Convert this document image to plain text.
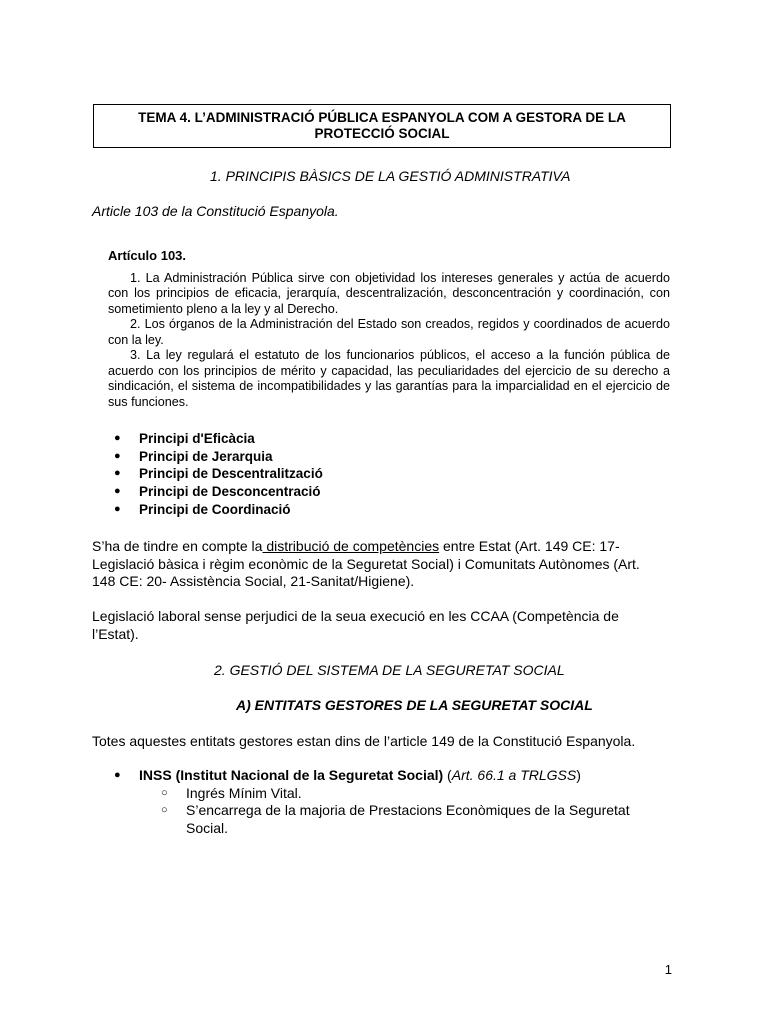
TEMA 4. L’ADMINISTRACIÓ PÚBLICA ESPANYOLA COM A GESTORA DE LA
PROTECCIÓ SOCIAL
1. PRINCIPIS BÀSICS DE LA GESTIÓ ADMINISTRATIVA
Article 103 de la Constitució Espanyola.
Artículo 103.

1. La Administración Pública sirve con objetividad los intereses generales y actúa de acuerdo con los principios de eficacia, jerarquía, descentralización, desconcentración y coordinación, con sometimiento pleno a la ley y al Derecho.

2. Los órganos de la Administración del Estado son creados, regidos y coordinados de acuerdo con la ley.

3. La ley regulará el estatuto de los funcionarios públicos, el acceso a la función pública de acuerdo con los principios de mérito y capacidad, las peculiaridades del ejercicio de su derecho a sindicación, el sistema de incompatibilidades y las garantías para la imparcialidad en el ejercicio de sus funciones.

●	Principi d'Eficàcia
●	Principi de Jerarquia
●	Principi de Descentralització
●	Principi de Desconcentració
●	Principi de Coordinació
S’ha de tindre en compte la distribució de competències entre Estat (Art. 149 CE: 17- Legislació bàsica i règim econòmic de la Seguretat Social) i Comunitats Autònomes (Art. 148 CE: 20- Assistència Social, 21-Sanitat/Higiene).
Legislació laboral sense perjudici de la seua execució en les CCAA (Competència de l’Estat).
2. GESTIÓ DEL SISTEMA DE LA SEGURETAT SOCIAL
A) ENTITATS GESTORES DE LA SEGURETAT SOCIAL
Totes aquestes entitats gestores estan dins de l’article 149 de la Constitució Espanyola.
●	INSS (Institut Nacional de la Seguretat Social) (Art. 66.1 a TRLGSS)
○	Ingrés Mínim Vital.
○	S’encarrega de la majoria de Prestacions Econòmiques de la Seguretat Social.
1
